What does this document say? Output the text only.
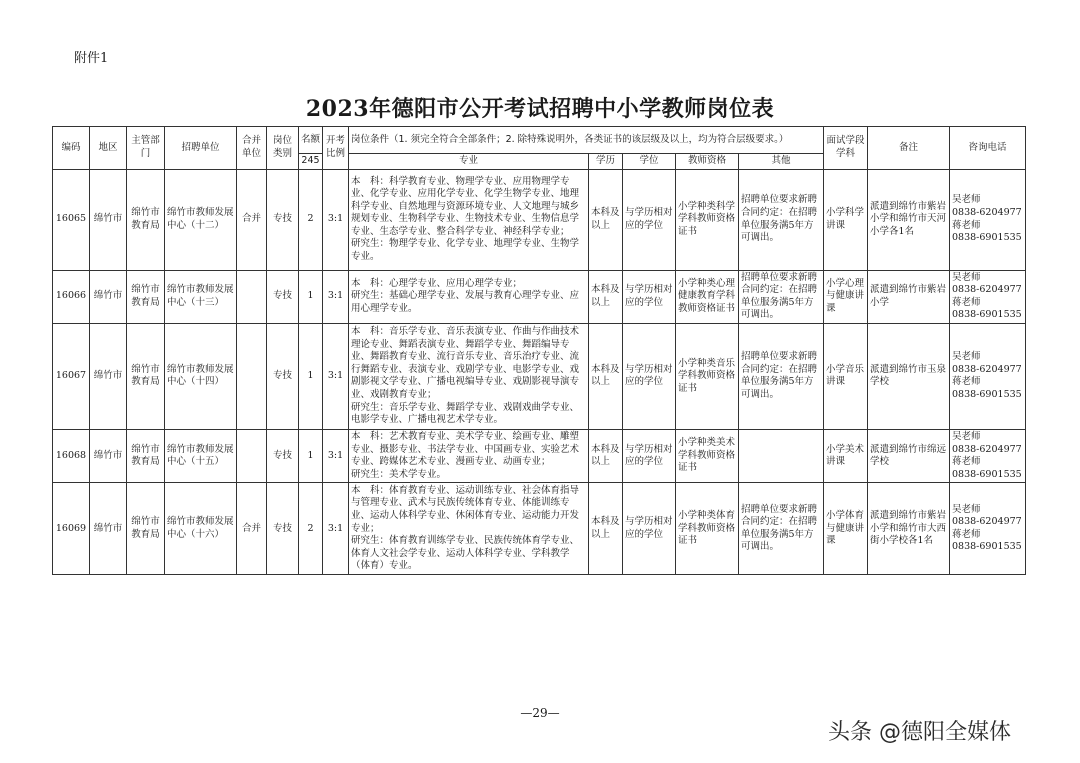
附件1
2023年德阳市公开考试招聘中小学教师岗位表
编码	地区	主管部门	招聘单位	合并单位	岗位类别	名额	开考比例	岗位条件（1. 须完全符合全部条件；2. 除特殊说明外，各类证书的该层级及以上，均为符合层级要求。）					面试学段学科	备注	咨询电话
								专业	学历	学位	教师资格	其他			
						245									
16065	绵竹市	绵竹市教育局	绵竹市教师发展中心（十二）	合并	专技	2	3:1	本　科：科学教育专业、物理学专业、应用物理学专业、化学专业、应用化学专业、化学生物学专业、地理科学专业、自然地理与资源环境专业、人文地理与城乡规划专业、生物科学专业、生物技术专业、生物信息学专业、生态学专业、整合科学专业、神经科学专业；
研究生：物理学专业、化学专业、地理学专业、生物学专业。	本科及以上	与学历相对应的学位	小学种类科学学科教师资格证书	招聘单位要求新聘合同约定：在招聘单位服务满5年方可调出。	小学科学讲课	派遣到绵竹市紫岩小学和绵竹市天河小学各1名	吴老师
0838-6204977
蒋老师
0838-6901535

16066	绵竹市	绵竹市教育局	绵竹市教师发展中心（十三）		专技	1	3:1	本　科：心理学专业、应用心理学专业；
研究生：基础心理学专业、发展与教育心理学专业、应用心理学专业。	本科及以上	与学历相对应的学位	小学种类心理健康教育学科教师资格证书	招聘单位要求新聘合同约定：在招聘单位服务满5年方可调出。	小学心理与健康讲课	派遣到绵竹市紫岩小学	吴老师
0838-6204977
蒋老师
0838-6901535

16067	绵竹市	绵竹市教育局	绵竹市教师发展中心（十四）		专技	1	3:1	本　科：音乐学专业、音乐表演专业、作曲与作曲技术理论专业、舞蹈表演专业、舞蹈学专业、舞蹈编导专业、舞蹈教育专业、流行音乐专业、音乐治疗专业、流行舞蹈专业、表演专业、戏剧学专业、电影学专业、戏剧影视文学专业、广播电视编导专业、戏剧影视导演专业、戏剧教育专业；
研究生：音乐学专业、舞蹈学专业、戏剧戏曲学专业、电影学专业、广播电视艺术学专业。	本科及以上	与学历相对应的学位	小学种类音乐学科教师资格证书	招聘单位要求新聘合同约定：在招聘单位服务满5年方可调出。	小学音乐讲课	派遣到绵竹市玉泉学校	吴老师
0838-6204977
蒋老师
0838-6901535

16068	绵竹市	绵竹市教育局	绵竹市教师发展中心（十五）		专技	1	3:1	本　科：艺术教育专业、美术学专业、绘画专业、雕塑专业、摄影专业、书法学专业、中国画专业、实验艺术专业、跨媒体艺术专业、漫画专业、动画专业；
研究生：美术学专业。	本科及以上	与学历相对应的学位	小学种类美术学科教师资格证书		小学美术讲课	派遣到绵竹市绵远学校	吴老师
0838-6204977
蒋老师
0838-6901535

16069	绵竹市	绵竹市教育局	绵竹市教师发展中心（十六）	合并	专技	2	3:1	本　科：体育教育专业、运动训练专业、社会体育指导与管理专业、武术与民族传统体育专业、体能训练专业、运动人体科学专业、休闲体育专业、运动能力开发专业；
研究生：体育教育训练学专业、民族传统体育学专业、体育人文社会学专业、运动人体科学专业、学科教学（体育）专业。	本科及以上	与学历相对应的学位	小学种类体育学科教师资格证书	招聘单位要求新聘合同约定：在招聘单位服务满5年方可调出。	小学体育与健康讲课	派遣到绵竹市紫岩小学和绵竹市大西街小学校各1名	吴老师
0838-6204977
蒋老师
0838-6901535
—29—
头条 @德阳全媒体
